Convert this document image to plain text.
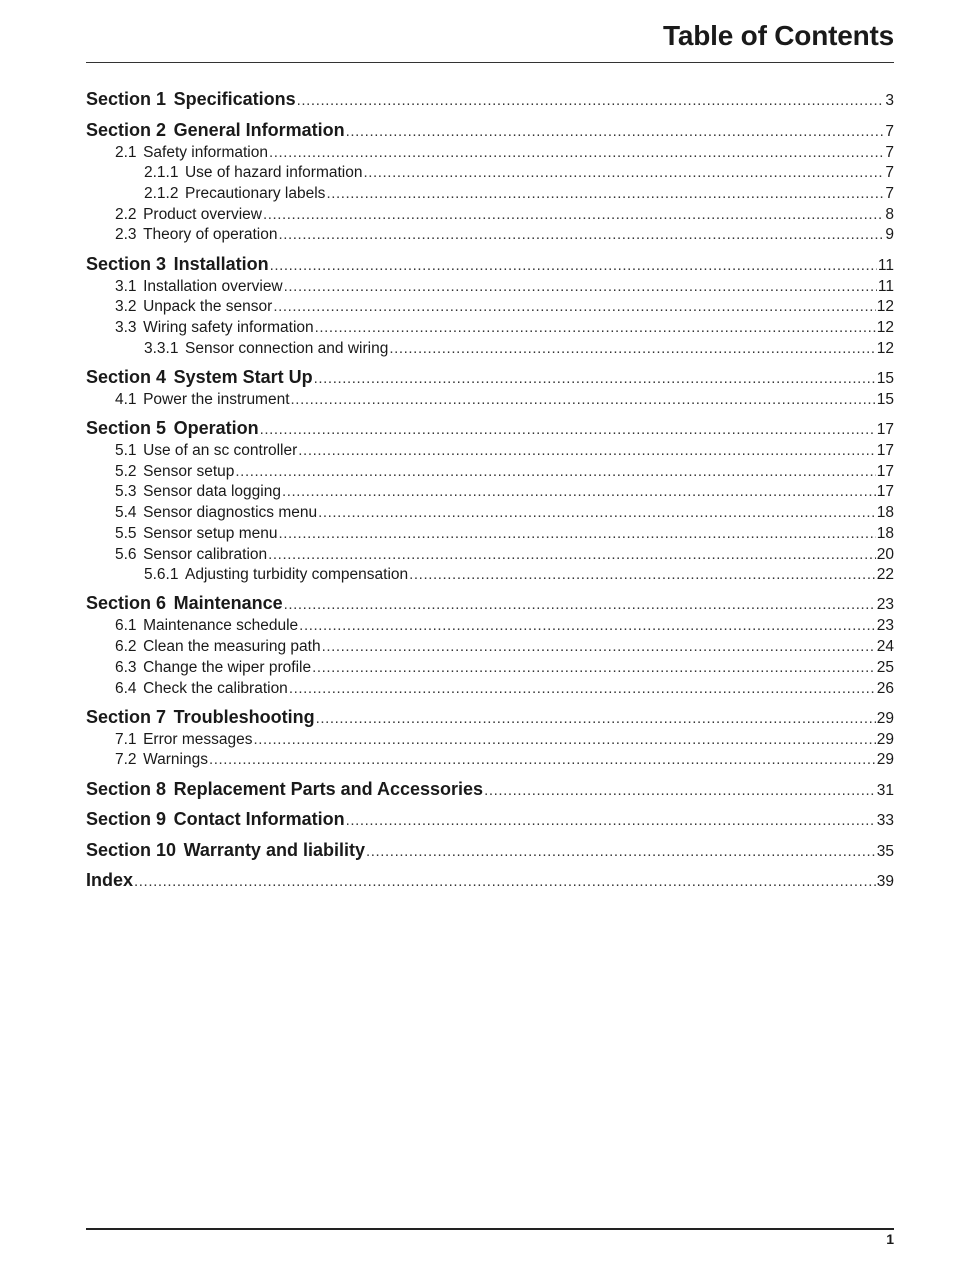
Table of Contents
Section 1 Specifications .....	3
Section 2 General Information .....	7
2.1 Safety information .....	7
2.1.1 Use of hazard information .....	7
2.1.2 Precautionary labels .....	7
2.2 Product overview .....	8
2.3 Theory of operation .....	9
Section 3 Installation .....	11
3.1 Installation overview .....	11
3.2 Unpack the sensor .....	12
3.3 Wiring safety information .....	12
3.3.1 Sensor connection and wiring .....	12
Section 4 System Start Up .....	15
4.1 Power the instrument .....	15
Section 5 Operation .....	17
5.1 Use of an sc controller .....	17
5.2 Sensor setup .....	17
5.3 Sensor data logging .....	17
5.4 Sensor diagnostics menu .....	18
5.5 Sensor setup menu .....	18
5.6 Sensor calibration .....	20
5.6.1 Adjusting turbidity compensation .....	22
Section 6 Maintenance .....	23
6.1 Maintenance schedule .....	23
6.2 Clean the measuring path .....	24
6.3 Change the wiper profile .....	25
6.4 Check the calibration .....	26
Section 7 Troubleshooting .....	29
7.1 Error messages .....	29
7.2 Warnings .....	29
Section 8 Replacement Parts and Accessories .....	31
Section 9 Contact Information .....	33
Section 10 Warranty and liability .....	35
Index .....	39
1
